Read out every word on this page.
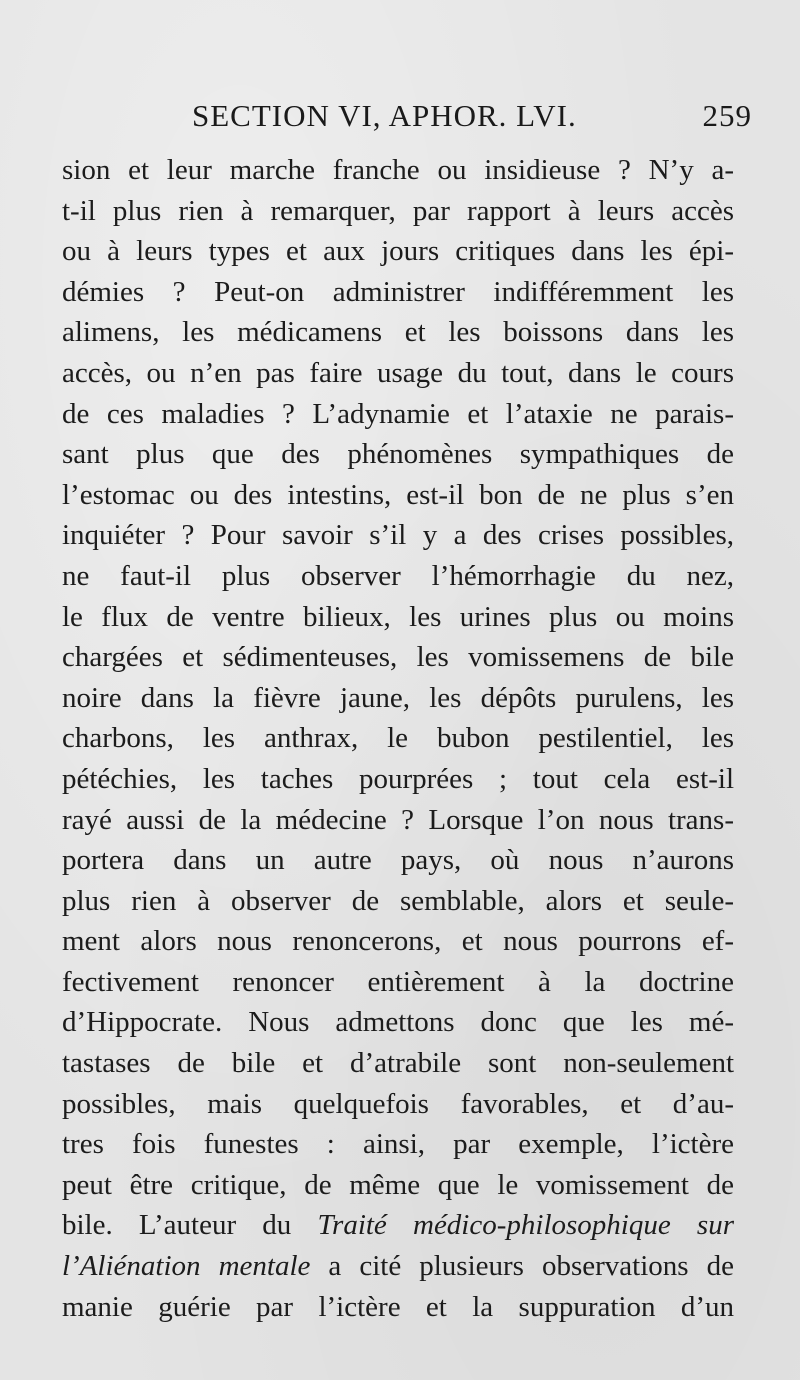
SECTION VI, APHOR. LVI.	259
sion et leur marche franche ou insidieuse ? N’y a-
t-il plus rien à remarquer, par rapport à leurs accès
ou à leurs types et aux jours critiques dans les épi-
démies ? Peut-on administrer indifféremment les
alimens, les médicamens et les boissons dans les
accès, ou n’en pas faire usage du tout, dans le cours
de ces maladies ? L’adynamie et l’ataxie ne parais-
sant plus que des phénomènes sympathiques de
l’estomac ou des intestins, est-il bon de ne plus s’en
inquiéter ? Pour savoir s’il y a des crises possibles,
ne faut-il plus observer l’hémorrhagie du nez,
le flux de ventre bilieux, les urines plus ou moins
chargées et sédimenteuses, les vomissemens de bile
noire dans la fièvre jaune, les dépôts purulens, les
charbons, les anthrax, le bubon pestilentiel, les
pétéchies, les taches pourprées ; tout cela est-il
rayé aussi de la médecine ? Lorsque l’on nous trans-
portera dans un autre pays, où nous n’aurons
plus rien à observer de semblable, alors et seule-
ment alors nous renoncerons, et nous pourrons ef-
fectivement renoncer entièrement à la doctrine
d’Hippocrate. Nous admettons donc que les mé-
tastases de bile et d’atrabile sont non-seulement
possibles, mais quelquefois favorables, et d’au-
tres fois funestes : ainsi, par exemple, l’ictère
peut être critique, de même que le vomissement de
bile. L’auteur du Traité médico-philosophique sur
l’Aliénation mentale a cité plusieurs observations de
manie guérie par l’ictère et la suppuration d’un
